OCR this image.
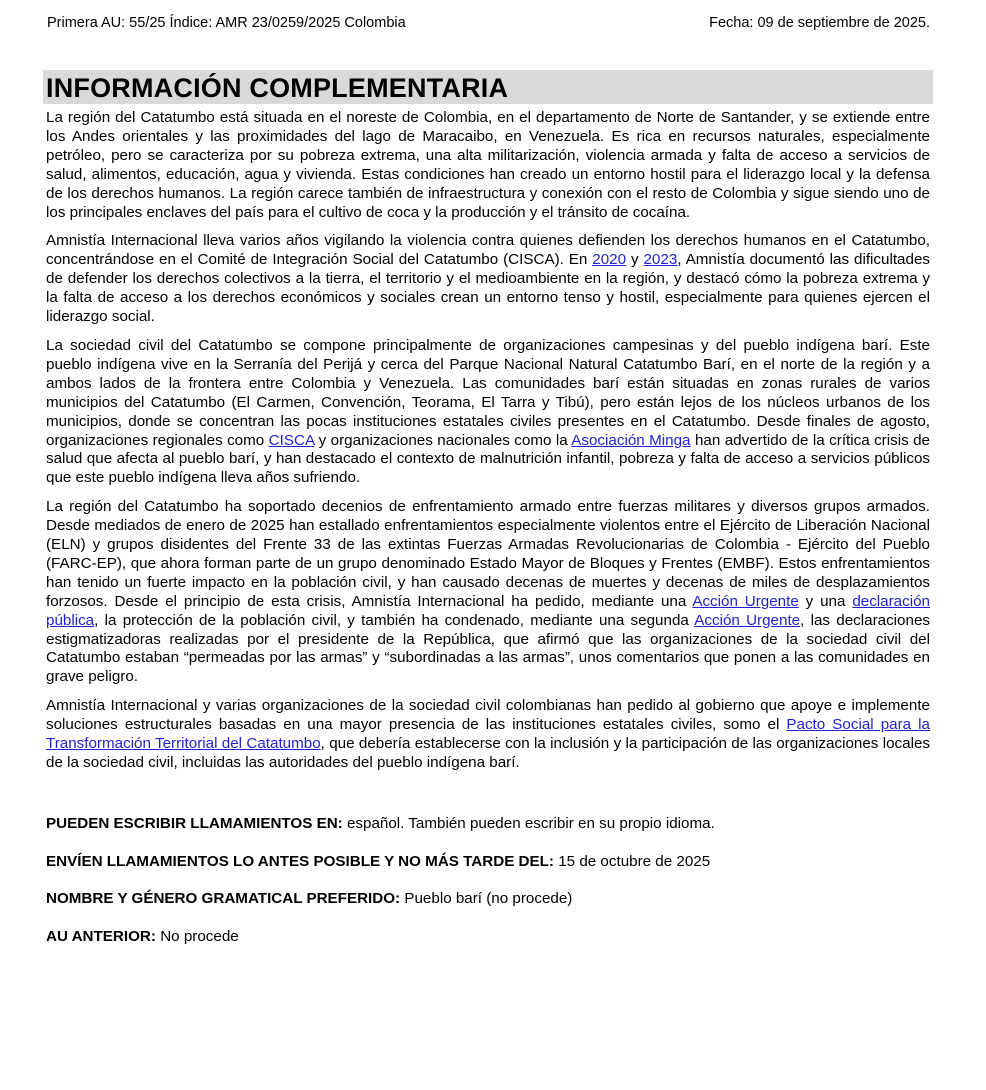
Primera AU: 55/25 Índice: AMR 23/0259/2025 Colombia	Fecha: 09 de septiembre de 2025.
INFORMACIÓN COMPLEMENTARIA

La región del Catatumbo está situada en el noreste de Colombia, en el departamento de Norte de Santander, y se extiende entre los Andes orientales y las proximidades del lago de Maracaibo, en Venezuela. Es rica en recursos naturales, especialmente petróleo, pero se caracteriza por su pobreza extrema, una alta militarización, violencia armada y falta de acceso a servicios de salud, alimentos, educación, agua y vivienda. Estas condiciones han creado un entorno hostil para el liderazgo local y la defensa de los derechos humanos. La región carece también de infraestructura y conexión con el resto de Colombia y sigue siendo uno de los principales enclaves del país para el cultivo de coca y la producción y el tránsito de cocaína.

Amnistía Internacional lleva varios años vigilando la violencia contra quienes defienden los derechos humanos en el Catatumbo, concentrándose en el Comité de Integración Social del Catatumbo (CISCA). En 2020 y 2023, Amnistía documentó las dificultades de defender los derechos colectivos a la tierra, el territorio y el medioambiente en la región, y destacó cómo la pobreza extrema y la falta de acceso a los derechos económicos y sociales crean un entorno tenso y hostil, especialmente para quienes ejercen el liderazgo social.

La sociedad civil del Catatumbo se compone principalmente de organizaciones campesinas y del pueblo indígena barí. Este pueblo indígena vive en la Serranía del Perijá y cerca del Parque Nacional Natural Catatumbo Barí, en el norte de la región y a ambos lados de la frontera entre Colombia y Venezuela. Las comunidades barí están situadas en zonas rurales de varios municipios del Catatumbo (El Carmen, Convención, Teorama, El Tarra y Tibú), pero están lejos de los núcleos urbanos de los municipios, donde se concentran las pocas instituciones estatales civiles presentes en el Catatumbo. Desde finales de agosto, organizaciones regionales como CISCA y organizaciones nacionales como la Asociación Minga han advertido de la crítica crisis de salud que afecta al pueblo barí, y han destacado el contexto de malnutrición infantil, pobreza y falta de acceso a servicios públicos que este pueblo indígena lleva años sufriendo.

La región del Catatumbo ha soportado decenios de enfrentamiento armado entre fuerzas militares y diversos grupos armados. Desde mediados de enero de 2025 han estallado enfrentamientos especialmente violentos entre el Ejército de Liberación Nacional (ELN) y grupos disidentes del Frente 33 de las extintas Fuerzas Armadas Revolucionarias de Colombia - Ejército del Pueblo (FARC-EP), que ahora forman parte de un grupo denominado Estado Mayor de Bloques y Frentes (EMBF). Estos enfrentamientos han tenido un fuerte impacto en la población civil, y han causado decenas de muertes y decenas de miles de desplazamientos forzosos. Desde el principio de esta crisis, Amnistía Internacional ha pedido, mediante una Acción Urgente y una declaración pública, la protección de la población civil, y también ha condenado, mediante una segunda Acción Urgente, las declaraciones estigmatizadoras realizadas por el presidente de la República, que afirmó que las organizaciones de la sociedad civil del Catatumbo estaban “permeadas por las armas” y “subordinadas a las armas”, unos comentarios que ponen a las comunidades en grave peligro.

Amnistía Internacional y varias organizaciones de la sociedad civil colombianas han pedido al gobierno que apoye e implemente soluciones estructurales basadas en una mayor presencia de las instituciones estatales civiles, somo el Pacto Social para la Transformación Territorial del Catatumbo, que debería establecerse con la inclusión y la participación de las organizaciones locales de la sociedad civil, incluidas las autoridades del pueblo indígena barí.

PUEDEN ESCRIBIR LLAMAMIENTOS EN: español. También pueden escribir en su propio idioma.

ENVÍEN LLAMAMIENTOS LO ANTES POSIBLE Y NO MÁS TARDE DEL: 15 de octubre de 2025

NOMBRE Y GÉNERO GRAMATICAL PREFERIDO: Pueblo barí (no procede)

AU ANTERIOR: No procede
